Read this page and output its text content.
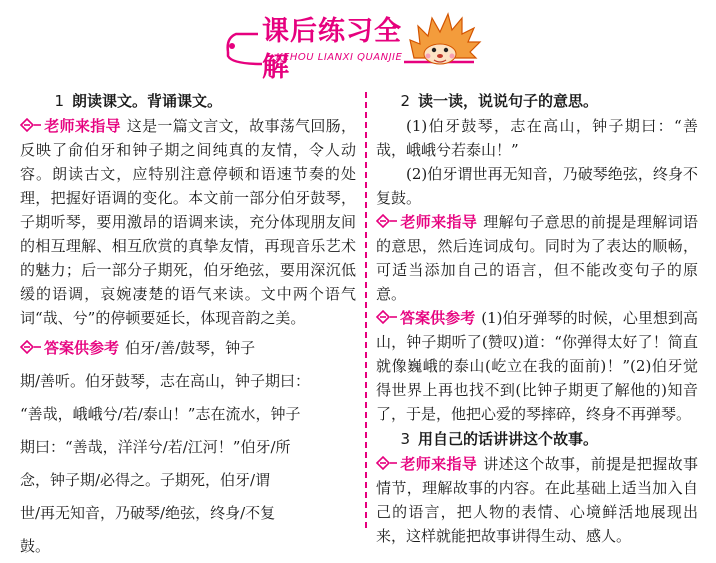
课后练习全解
KEHOU LIANXI QUANJIE

1 朗读课文。背诵课文。

老师来指导 这是一篇文言文，故事荡气回肠，反映了俞伯牙和钟子期之间纯真的友情，令人动容。朗读古文，应特别注意停顿和语速节奏的处理，把握好语调的变化。本文前一部分伯牙鼓琴，子期听琴，要用激昂的语调来读，充分体现朋友间的相互理解、相互欣赏的真挚友情，再现音乐艺术的魅力；后一部分子期死，伯牙绝弦，要用深沉低缓的语调，哀婉凄楚的语气来读。文中两个语气词“哉、兮”的停顿要延长，体现音韵之美。

答案供参考 伯牙/善/鼓琴，钟子

期/善听。伯牙鼓琴，志在高山，钟子期曰：

“善哉，峨峨兮/若/泰山！”志在流水，钟子

期曰：“善哉，洋洋兮/若/江河！”伯牙/所

念，钟子期/必得之。子期死，伯牙/谓

世/再无知音，乃破琴/绝弦，终身/不复

鼓。

2 读一读，说说句子的意思。

(1)伯牙鼓琴，志在高山，钟子期曰：“善哉，峨峨兮若泰山！”

(2)伯牙谓世再无知音，乃破琴绝弦，终身不复鼓。

老师来指导 理解句子意思的前提是理解词语的意思，然后连词成句。同时为了表达的顺畅，可适当添加自己的语言，但不能改变句子的原意。

答案供参考 (1)伯牙弹琴的时候，心里想到高山，钟子期听了(赞叹)道：“你弹得太好了！简直就像巍峨的泰山(屹立在我的面前)！”(2)伯牙觉得世界上再也找不到(比钟子期更了解他的)知音了，于是，他把心爱的琴摔碎，终身不再弹琴。

3 用自己的话讲讲这个故事。

老师来指导 讲述这个故事，前提是把握故事情节，理解故事的内容。在此基础上适当加入自己的语言，把人物的表情、心境鲜活地展现出来，这样就能把故事讲得生动、感人。
